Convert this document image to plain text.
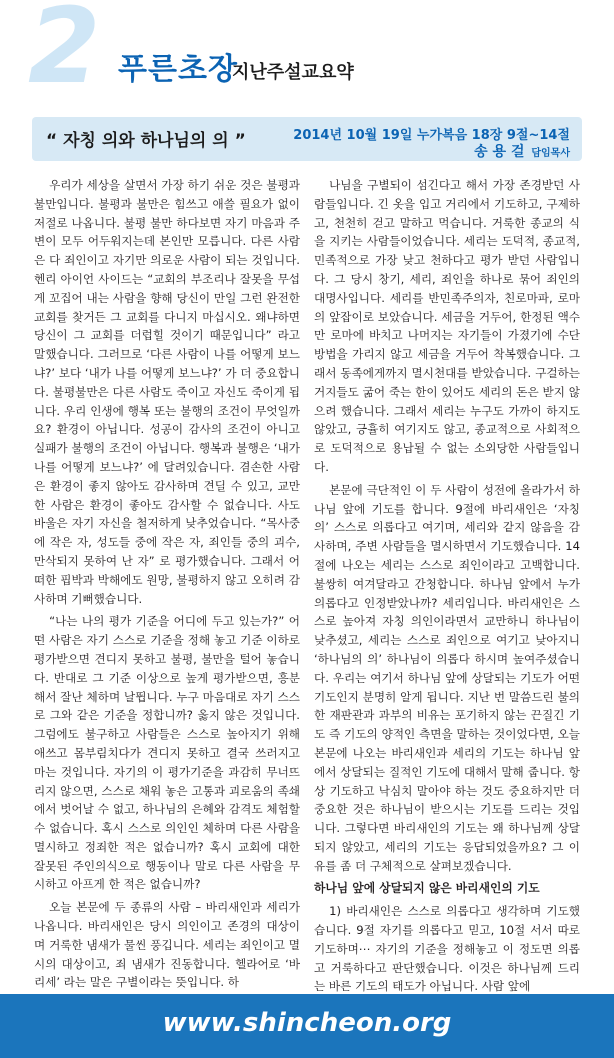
2 푸른초장
지난주설교요약
“ 자칭 의와 하나님의 의 ”	2014년 10월 19일 누가복음 18장 9절~14절
송 용 걸 담임목사

우리가 세상을 살면서 가장 하기 쉬운 것은 불평과 불만입니다. 불평과 불만은 힘쓰고 애쓸 필요가 없이 저절로 나옵니다. 불평 불만 하다보면 자기 마음과 주변이 모두 어두워지는데 본인만 모릅니다. 다른 사람은 다 죄인이고 자기만 의로운 사람이 되는 것입니다. 헨리 아이언 사이드는 “교회의 부조리나 잘못을 무섭게 꼬집어 내는 사람을 향해 당신이 만일 그런 완전한 교회를 찾거든 그 교회를 다니지 마십시오. 왜냐하면 당신이 그 교회를 더럽힐 것이기 때문입니다” 라고 말했습니다. 그러므로 ‘다른 사람이 나를 어떻게 보느냐?’ 보다 ‘내가 나를 어떻게 보느냐?’ 가 더 중요합니다. 불평불만은 다른 사람도 죽이고 자신도 죽이게 됩니다. 우리 인생에 행복 또는 불행의 조건이 무엇일까요? 환경이 아닙니다. 성공이 감사의 조건이 아니고 실패가 불행의 조건이 아닙니다. 행복과 불행은 ‘내가 나를 어떻게 보느냐?’ 에 달려있습니다. 겸손한 사람은 환경이 좋지 않아도 감사하며 견딜 수 있고, 교만한 사람은 환경이 좋아도 감사할 수 없습니다. 사도 바울은 자기 자신을 철저하게 낮추었습니다. “목사중에 작은 자, 성도들 중에 작은 자, 죄인들 중의 괴수, 만삭되지 못하여 난 자” 로 평가했습니다. 그래서 어떠한 핍박과 박해에도 원망, 불평하지 않고 오히려 감사하며 기뻐했습니다.

“나는 나의 평가 기준을 어디에 두고 있는가?” 어떤 사람은 자기 스스로 기준을 정해 놓고 기준 이하로 평가받으면 견디지 못하고 불평, 불만을 털어 놓습니다. 반대로 그 기준 이상으로 높게 평가받으면, 흥분해서 잘난 체하며 날뜁니다. 누구 마음대로 자기 스스로 그와 같은 기준을 정합니까? 옳지 않은 것입니다. 그럼에도 불구하고 사람들은 스스로 높아지기 위해 애쓰고 몸부림치다가 견디지 못하고 결국 쓰러지고 마는 것입니다. 자기의 이 평가기준을 과감히 무너뜨리지 않으면, 스스로 채워 놓은 고통과 괴로움의 족쇄에서 벗어날 수 없고, 하나님의 은혜와 감격도 체험할 수 없습니다. 혹시 스스로 의인인 체하며 다른 사람을 멸시하고 정죄한 적은 없습니까? 혹시 교회에 대한 잘못된 주인의식으로 행동이나 말로 다른 사람을 무시하고 아프게 한 적은 없습니까?

오늘 본문에 두 종류의 사람 – 바리새인과 세리가 나옵니다. 바리새인은 당시 의인이고 존경의 대상이며 거룩한 냄새가 물씬 풍깁니다. 세리는 죄인이고 멸시의 대상이고, 죄 냄새가 진동합니다. 헬라어로 ‘바리세’ 라는 말은 구별이라는 뜻입니다. 하

나님을 구별되이 섬긴다고 해서 가장 존경받던 사람들입니다. 긴 옷을 입고 거리에서 기도하고, 구제하고, 천천히 걷고 말하고 먹습니다. 거룩한 종교의 식을 지키는 사람들이었습니다. 세리는 도덕적, 종교적,민족적으로 가장 낮고 천하다고 평가 받던 사람입니다. 그 당시 창기, 세리, 죄인을 하나로 묶어 죄인의 대명사입니다. 세리를 반민족주의자, 친로마파, 로마의 앞잡이로 보았습니다. 세금을 거두어, 한정된 액수만 로마에 바치고 나머지는 자기들이 가졌기에 수단방법을 가리지 않고 세금을 거두어 착복했습니다. 그래서 동족에게까지 멸시천대를 받았습니다. 구걸하는 거지들도 굶어 죽는 한이 있어도 세리의 돈은 받지 않으려 했습니다. 그래서 세리는 누구도 가까이 하지도 않았고, 긍휼히 여기지도 않고, 종교적으로 사회적으로 도덕적으로 용납될 수 없는 소외당한 사람들입니다.

본문에 극단적인 이 두 사람이 성전에 올라가서 하나님 앞에 기도를 합니다. 9절에 바리새인은 ‘자칭 의’ 스스로 의롭다고 여기며, 세리와 같지 않음을 감사하며, 주변 사람들을 멸시하면서 기도했습니다. 14절에 나오는 세리는 스스로 죄인이라고 고백합니다. 불쌍히 여겨달라고 간청합니다. 하나님 앞에서 누가 의롭다고 인정받았나까? 세리입니다. 바리새인은 스스로 높아져 자칭 의인이라면서 교만하니 하나님이 낮추셨고, 세리는 스스로 죄인으로 여기고 낮아지니 ‘하나님의 의’ 하나님이 의롭다 하시며 높여주셨습니다. 우리는 여기서 하나님 앞에 상달되는 기도가 어떤 기도인지 분명히 알게 됩니다. 지난 번 말씀드린 불의한 재판관과 과부의 비유는 포기하지 않는 끈질긴 기도 즉 기도의 양적인 측면을 말하는 것이었다면, 오늘 본문에 나오는 바리새인과 세리의 기도는 하나님 앞에서 상달되는 질적인 기도에 대해서 말해 줍니다. 항상 기도하고 낙심치 말아야 하는 것도 중요하지만 더 중요한 것은 하나님이 받으시는 기도를 드리는 것입니다. 그렇다면 바리새인의 기도는 왜 하나님께 상달되지 않았고, 세리의 기도는 응답되었을까요? 그 이유를 좀 더 구체적으로 살펴보겠습니다.

하나님 앞에 상달되지 않은 바리새인의 기도

1) 바리새인은 스스로 의롭다고 생각하며 기도했습니다. 9절 자기를 의롭다고 믿고, 10절 서서 따로 기도하며⋯ 자기의 기준을 정해놓고 이 정도면 의롭고 거룩하다고 판단했습니다. 이것은 하나님께 드리는 바른 기도의 태도가 아닙니다. 사람 앞에

www.shincheon.org
